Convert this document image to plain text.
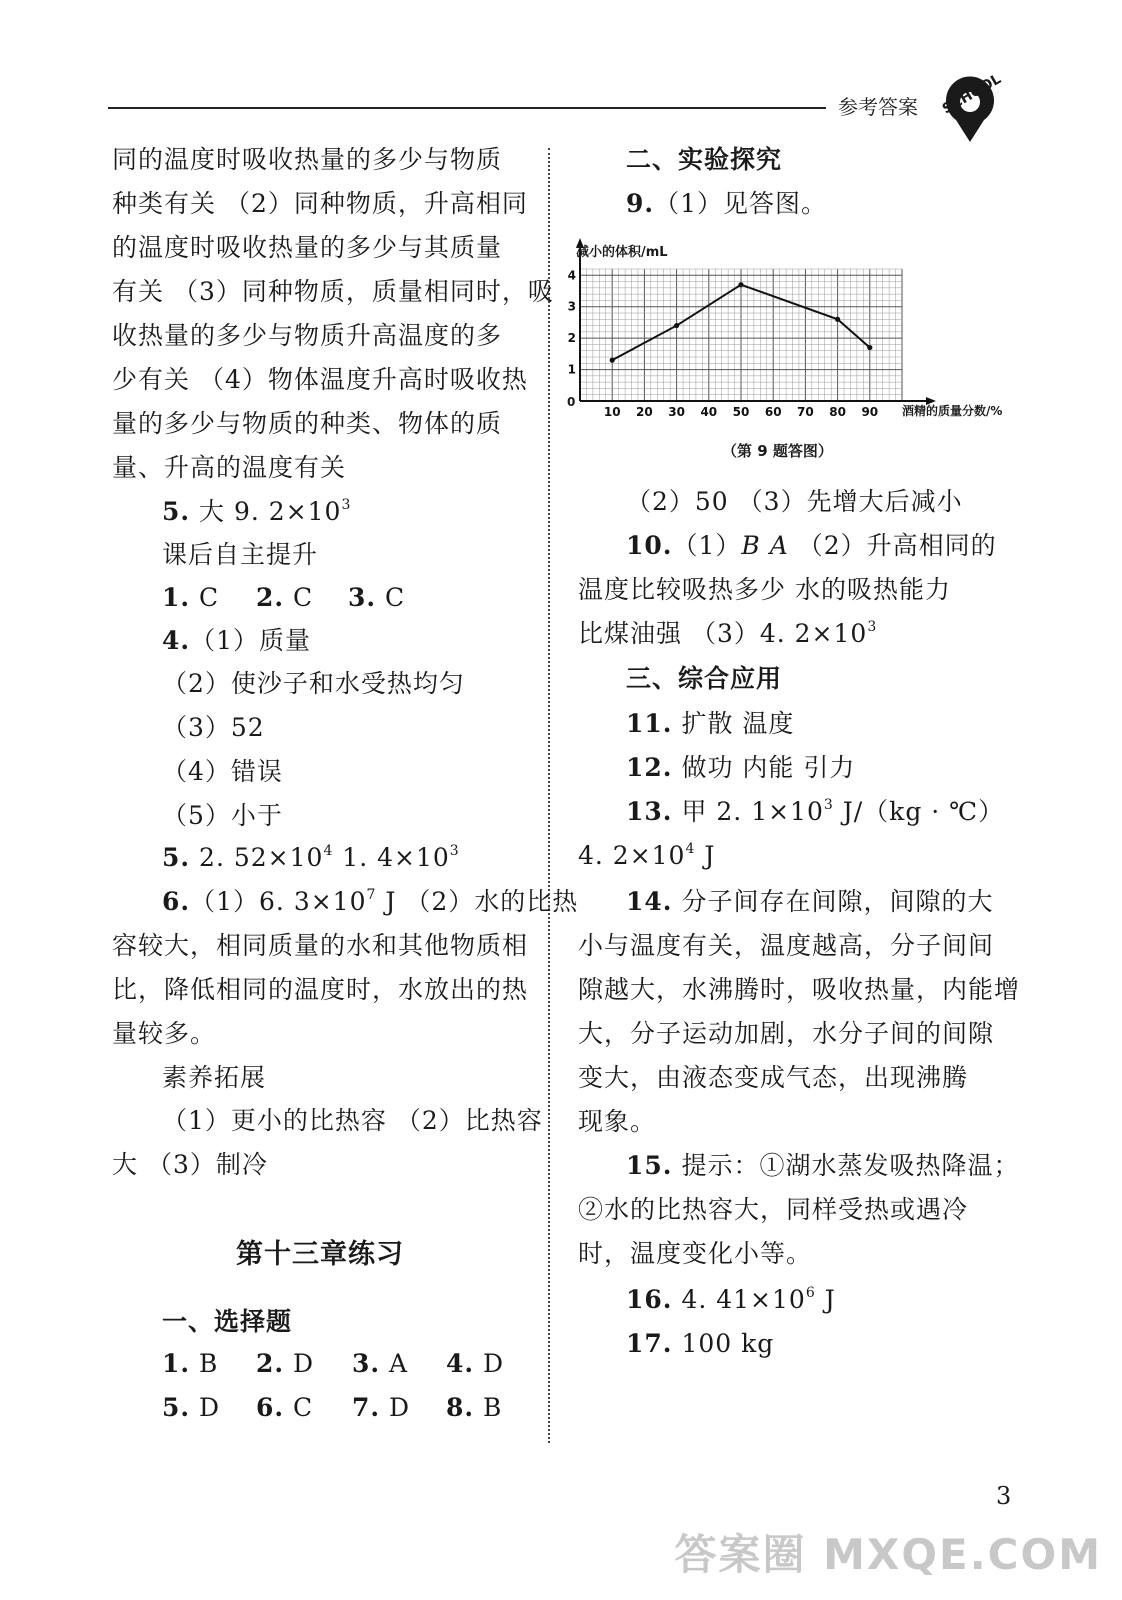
参考答案 SCHOOL
同的温度时吸收热量的多少与物质
种类有关 （2）同种物质，升高相同
的温度时吸收热量的多少与其质量
有关 （3）同种物质，质量相同时，吸
收热量的多少与物质升高温度的多
少有关 （4）物体温度升高时吸收热
量的多少与物质的种类、物体的质
量、升高的温度有关
5. 大 9. $2\times 10^3$
课后自主提升
1. C 2. C 3. C
4.（1）质量
（2）使沙子和水受热均匀
（3）52
（4）错误
（5）小于
5. 2. $52\times 10^4$ 1. $4\times 10^3$
6.（1）6. $3\times 10^7$ J （2）水的比热
容较大，相同质量的水和其他物质相
比，降低相同的温度时，水放出的热
量较多。
素养拓展
（1）更小的比热容 （2）比热容
大 （3）制冷
第十三章练习
一、选择题
1. B 2. D 3. A 4. D
5. D 6. C 7. D 8. B
二、实验探究
9.（1）见答图。
10 20 30 40 50 60 70 80 90
1
2
3
4
减小的体积/mL
酒精的质量分数/%
0
（第 9 题答图）
（2）50 （3）先增大后减小
10.（1）B A （2）升高相同的
温度比较吸热多少 水的吸热能力
比煤油强 （3）4. $2\times 10^3$
三、综合应用
11. 扩散 温度
12. 做功 内能 引力
13. 甲 2. $1\times 10^3$ J/（kg · ℃）
4. $2\times 10^4$ J
14. 分子间存在间隙，间隙的大
小与温度有关，温度越高，分子间间
隙越大，水沸腾时，吸收热量，内能增
大，分子运动加剧，水分子间的间隙
变大，由液态变成气态，出现沸腾
现象。
15. 提示：①湖水蒸发吸热降温；
②水的比热容大，同样受热或遇冷
时，温度变化小等。
16. 4. $41\times 10^6$ J
17. 100 kg
3
答案圈 MXQE.COM
